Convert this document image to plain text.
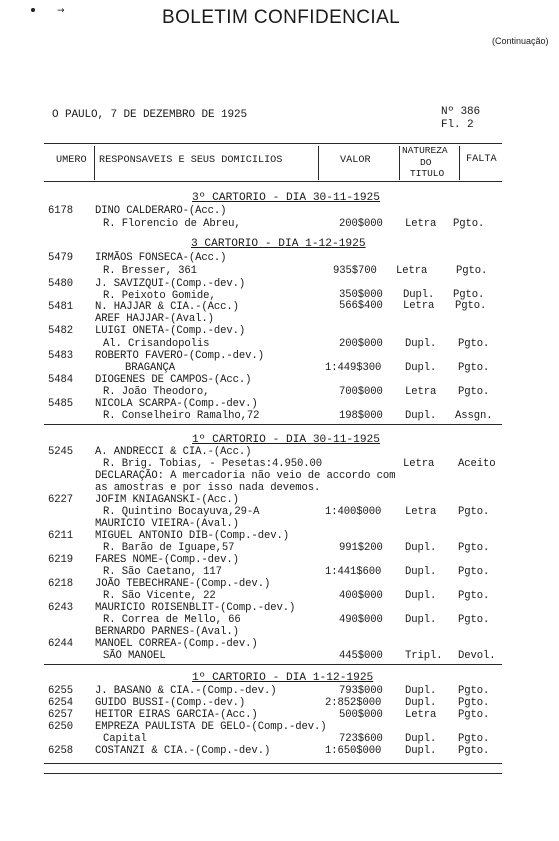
→	BOLETIM CONFIDENCIAL
(Continuação)
O PAULO, 7 DE DEZEMBRO DE 1925	Nº 386
Fl. 2
UMERO RESPONSAVEIS E SEUS DOMICILIOS	VALOR
NATUREZA
DO
TITULO
FALTA
3º CARTORIO - DIA 30-11-1925
6178 DINO CALDERARO-(Acc.)
R. Florencio de Abreu,	200$000 Letra Pgto.
3 CARTORIO - DIA 1-12-1925
5479 IRMÃOS FONSECA-(Acc.)
R. Bresser, 361	935$700 Letra	Pgto.
5480 J. SAVIZQUI-(Comp.-dev.)
R. Peixoto Gomide,	350$000 Dupl. Pgto.
5481 N. HAJJAR & CIA.-(Acc.)	566$400 Letra Pgto.
AREF HAJJAR-(Aval.)
5482 LUIGI ONETA-(Comp.-dev.)
Al. Crisandopolis	200$000 Dupl. Pgto.
5483 ROBERTO FAVERO-(Comp.-dev.)
BRAGANÇA	1:449$300 Dupl. Pgto.
5484 DIOGENES DE CAMPOS-(Acc.)
R. João Theodoro,	700$000 Letra Pgto.
5485 NICOLA SCARPA-(Comp.-dev.)
R. Conselheiro Ramalho,72	198$000 Dupl. Assgn.
1º CARTORIO - DIA 30-11-1925
5245 A. ANDRECCI & CIA.-(Acc.)
R. Brig. Tobias, - Pesetas:4.950.00	Letra Aceito
DECLARAÇÃO: A mercadoria não veio de accordo com
as amostras e por isso nada devemos.
6227 JOFIM KNIAGANSKI-(Acc.)
R. Quintino Bocayuva,29-A	1:400$000 Letra Pgto.
MAURICIO VIEIRA-(Aval.)
6211 MIGUEL ANTONIO DIB-(Comp.-dev.)
R. Barão de Iguape,57	991$200 Dupl. Pgto.
6219 FARES NOME-(Comp.-dev.)
R. São Caetano, 117	1:441$600 Dupl. Pgto.
6218 JOÃO TEBECHRANE-(Comp.-dev.)
R. São Vicente, 22	400$000 Dupl. Pgto.
6243 MAURICIO ROISENBLIT-(Comp.-dev.)
R. Correa de Mello, 66	490$000 Dupl. Pgto.
BERNARDO PARNES-(Aval.)
6244 MANOEL CORREA-(Comp.-dev.)
SÃO MANOEL	445$000 Tripl. Devol.
1º CARTORIO - DIA 1-12-1925
6255 J. BASANO & CIA.-(Comp.-dev.)	793$000 Dupl. Pgto.
6254 GUIDO BUSSI-(Comp.-dev.)	2:852$000 Dupl. Pgto.
6257 HEITOR EIRAS GARCIA-(Acc.)	500$000 Letra Pgto.
6250 EMPREZA PAULISTA DE GELO-(Comp.-dev.)
Capital	723$600 Dupl. Pgto.
6258 COSTANZI & CIA.-(Comp.-dev.)	1:650$000 Dupl. Pgto.
